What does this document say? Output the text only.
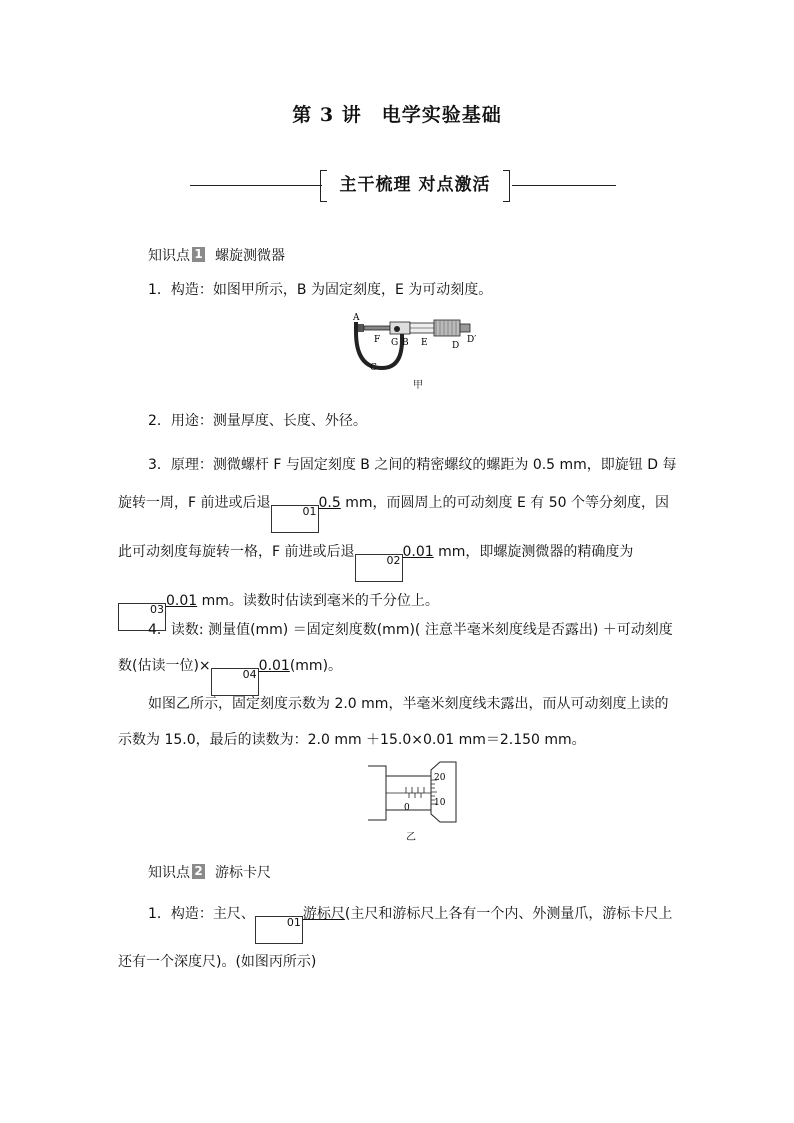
第 3 讲　电学实验基础
主干梳理 对点激活
知识点 1 螺旋测微器
1．构造：如图甲所示，B 为固定刻度，E 为可动刻度。
A
F G B E	D
D′
C
甲
2．用途：测量厚度、长度、外径。
3．原理：测微螺杆 F 与固定刻度 B 之间的精密螺纹的螺距为 0.5 mm，即旋钮 D 每旋转一周，F 前进或后退010.5 mm，而圆周上的可动刻度 E 有 50 个等分刻度，因此可动刻度每旋转一格，F 前进或后退020.01 mm，即螺旋测微器的精确度为030.01 mm。读数时估读到毫米的千分位上。
4．读数: 测量值(mm) ＝固定刻度数(mm)( 注意半毫米刻度线是否露出) ＋可动刻度数(估读一位)×040.01(mm)。
如图乙所示，固定刻度示数为 2.0 mm，半毫米刻度线未露出，而从可动刻度上读的示数为 15.0，最后的读数为：2.0 mm ＋15.0×0.01 mm＝2.150 mm。
20
10
0
乙
知识点 2 游标卡尺
1．构造：主尺、01游标尺(主尺和游标尺上各有一个内、外测量爪，游标卡尺上还有一个深度尺)。(如图丙所示)
